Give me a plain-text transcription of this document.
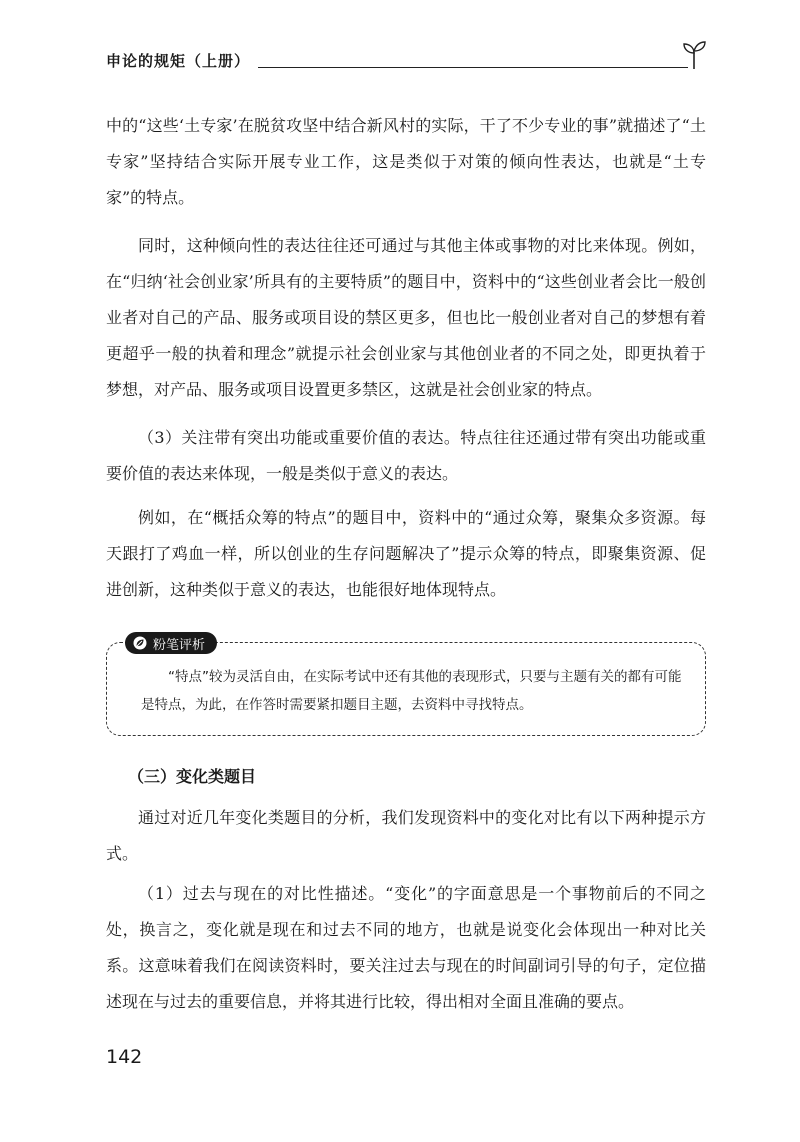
申论的规矩（上册）

中的“这些‘土专家’在脱贫攻坚中结合新风村的实际，干了不少专业的事”就描述了“土专家”坚持结合实际开展专业工作，这是类似于对策的倾向性表达，也就是“土专家”的特点。

同时，这种倾向性的表达往往还可通过与其他主体或事物的对比来体现。例如，在“归纳‘社会创业家’所具有的主要特质”的题目中，资料中的“这些创业者会比一般创业者对自己的产品、服务或项目设的禁区更多，但也比一般创业者对自己的梦想有着更超乎一般的执着和理念”就提示社会创业家与其他创业者的不同之处，即更执着于梦想，对产品、服务或项目设置更多禁区，这就是社会创业家的特点。

（3）关注带有突出功能或重要价值的表达。特点往往还通过带有突出功能或重要价值的表达来体现，一般是类似于意义的表达。

例如，在“概括众筹的特点”的题目中，资料中的“通过众筹，聚集众多资源。每天跟打了鸡血一样，所以创业的生存问题解决了”提示众筹的特点，即聚集资源、促进创新，这种类似于意义的表达，也能很好地体现特点。

粉笔评析

“特点”较为灵活自由，在实际考试中还有其他的表现形式，只要与主题有关的都有可能是特点，为此，在作答时需要紧扣题目主题，去资料中寻找特点。

（三）变化类题目

通过对近几年变化类题目的分析，我们发现资料中的变化对比有以下两种提示方式。

（1）过去与现在的对比性描述。“变化”的字面意思是一个事物前后的不同之处，换言之，变化就是现在和过去不同的地方，也就是说变化会体现出一种对比关系。这意味着我们在阅读资料时，要关注过去与现在的时间副词引导的句子，定位描述现在与过去的重要信息，并将其进行比较，得出相对全面且准确的要点。

142
